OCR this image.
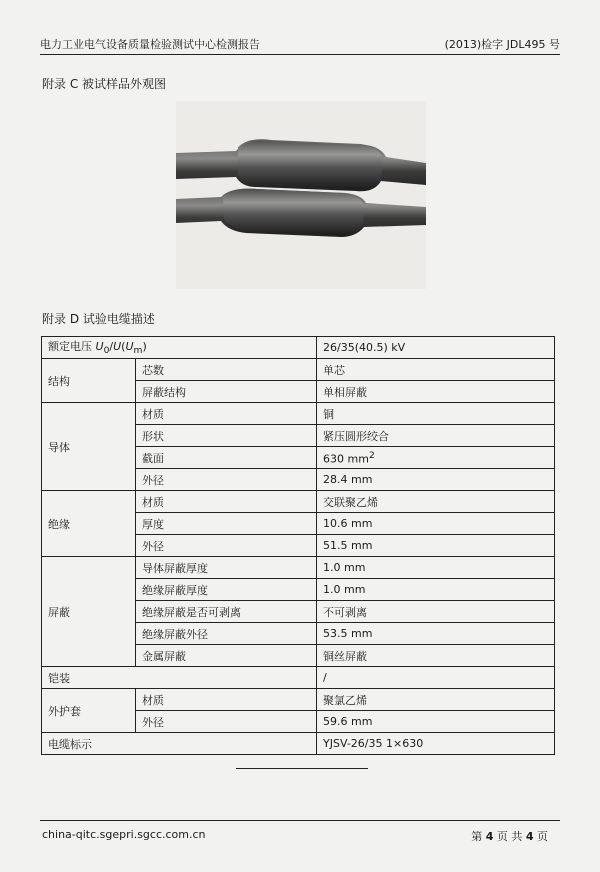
电力工业电气设备质量检验测试中心检测报告	(2013)检字 JDL495 号
附录 C 被试样品外观图
附录 D 试验电缆描述
额定电压 $U_0/U(U_m)$		26/35(40.5) kV
结构	芯数	单芯
	屏蔽结构	单相屏蔽
导体	材质	铜
	形状	紧压圆形绞合
	截面	630 $mm^2$
	外径	28.4 mm
绝缘	材质	交联聚乙烯
	厚度	10.6 mm
	外径	51.5 mm
屏蔽	导体屏蔽厚度	1.0 mm
	绝缘屏蔽厚度	1.0 mm
	绝缘屏蔽是否可剥离	不可剥离
	绝缘屏蔽外径	53.5 mm
	金属屏蔽	铜丝屏蔽
铠装		/
外护套	材质	聚氯乙烯
	外径	59.6 mm
电缆标示		YJSV-26/35 1×630
china-qitc.sgepri.sgcc.com.cn	第 4 页 共 4 页
